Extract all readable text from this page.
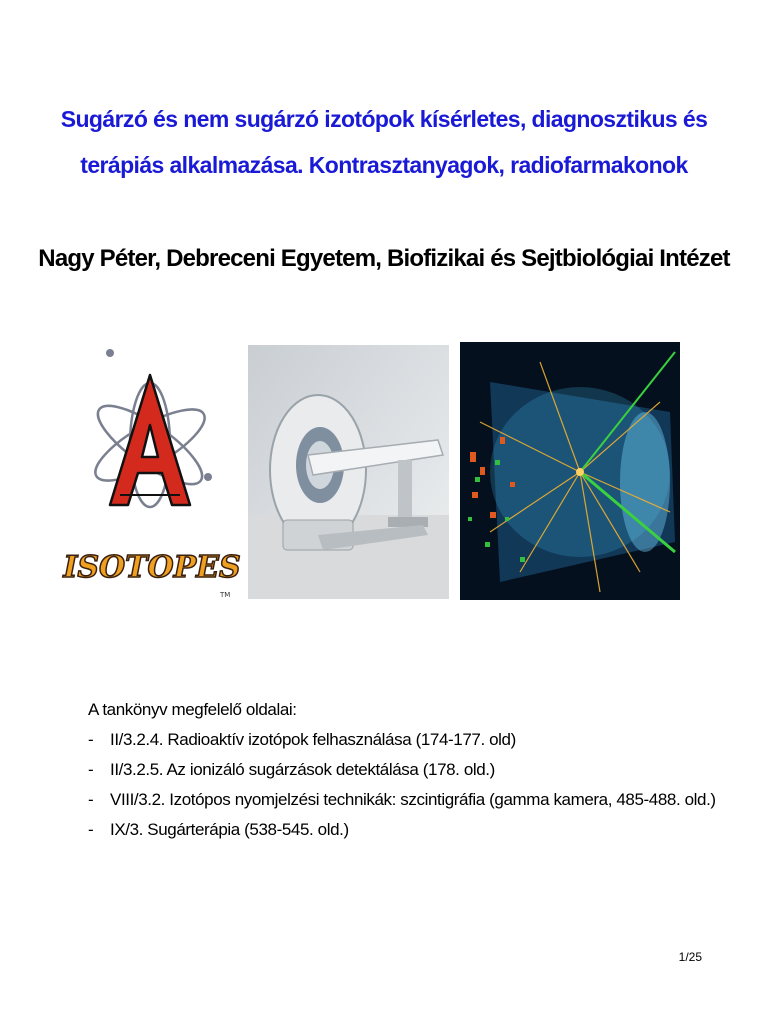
Sugárzó és nem sugárzó izotópok kísérletes, diagnosztikus és
terápiás alkalmazása. Kontrasztanyagok, radiofarmakonok
Nagy Péter, Debreceni Egyetem, Biofizikai és Sejtbiológiai Intézet
ISOTOPES
TM
A tankönyv megfelelő oldalai:
- II/3.2.4. Radioaktív izotópok felhasználása (174-177. old)
- II/3.2.5. Az ionizáló sugárzások detektálása (178. old.)
- VIII/3.2. Izotópos nyomjelzési technikák: szcintigráfia (gamma kamera, 485-488. old.)
- IX/3. Sugárterápia (538-545. old.)
1/25
